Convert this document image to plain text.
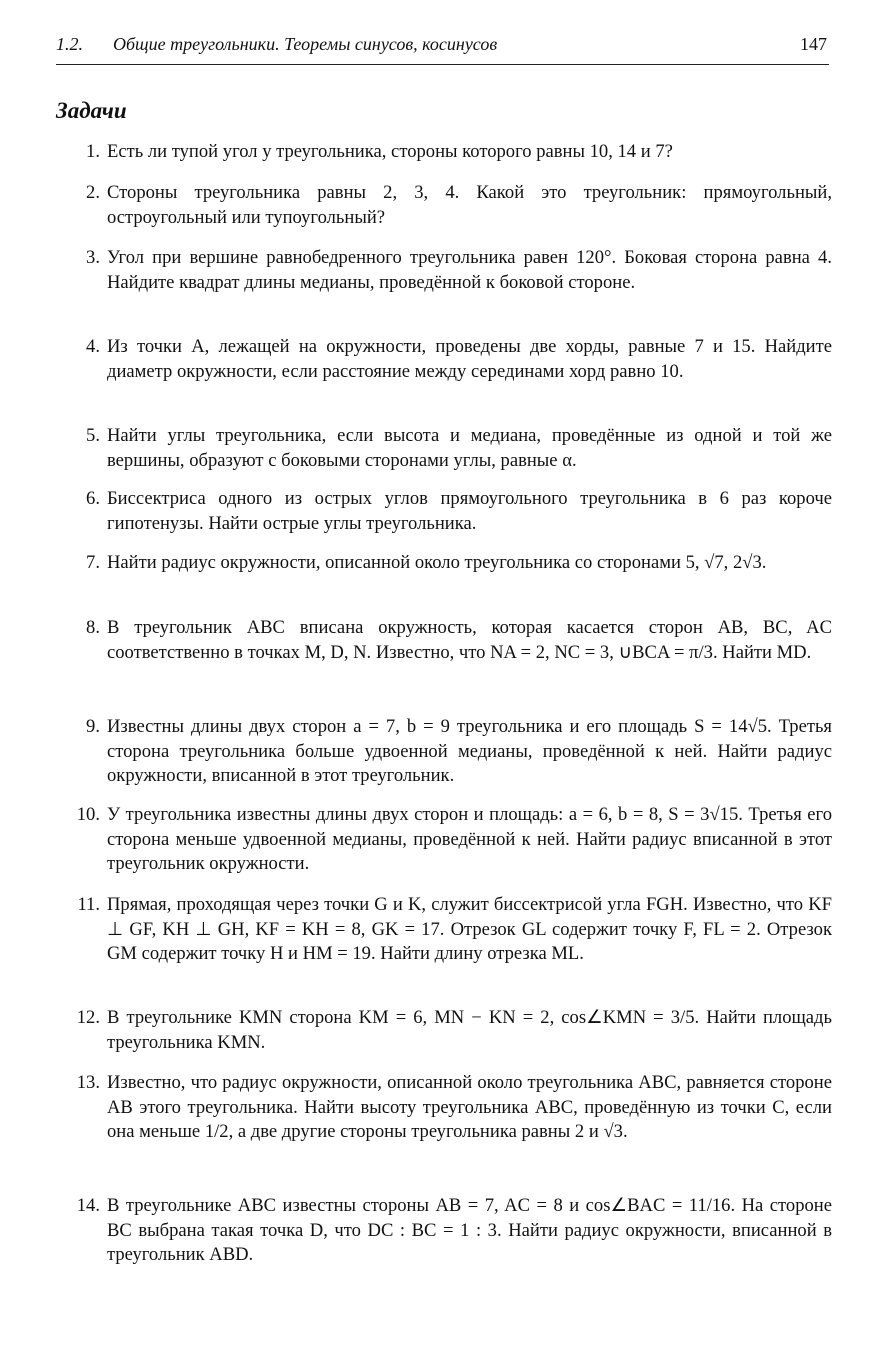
1.2. Общие треугольники. Теоремы синусов, косинусов	147
Задачи
1. Есть ли тупой угол у треугольника, стороны которого равны 10, 14 и 7?
2. Стороны треугольника равны 2, 3, 4. Какой это треугольник: прямоугольный, остроугольный или тупоугольный?
3. Угол при вершине равнобедренного треугольника равен 120°. Боковая сторона равна 4. Найдите квадрат длины медианы, проведённой к боковой стороне.
4. Из точки A, лежащей на окружности, проведены две хорды, равные 7 и 15. Найдите диаметр окружности, если расстояние между серединами хорд равно 10.
5. Найти углы треугольника, если высота и медиана, проведённые из одной и той же вершины, образуют с боковыми сторонами углы, равные α.
6. Биссектриса одного из острых углов прямоугольного треугольника в 6 раз короче гипотенузы. Найти острые углы треугольника.
7. Найти радиус окружности, описанной около треугольника со сторонами 5, √7, 2√3.
8. В треугольник ABC вписана окружность, которая касается сторон AB, BC, AC соответственно в точках M, D, N. Известно, что NA = 2, NC = 3, ∪BCA = π/3. Найти MD.
9. Известны длины двух сторон a = 7, b = 9 треугольника и его площадь S = 14√5. Третья сторона треугольника больше удвоенной медианы, проведённой к ней. Найти радиус окружности, вписанной в этот треугольник.
10. У треугольника известны длины двух сторон и площадь: a = 6, b = 8, S = 3√15. Третья его сторона меньше удвоенной медианы, проведённой к ней. Найти радиус вписанной в этот треугольник окружности.
11. Прямая, проходящая через точки G и K, служит биссектрисой угла FGH. Известно, что KF ⊥ GF, KH ⊥ GH, KF = KH = 8, GK = 17. Отрезок GL содержит точку F, FL = 2. Отрезок GM содержит точку H и HM = 19. Найти длину отрезка ML.
12. В треугольнике KMN сторона KM = 6, MN − KN = 2, cos∠KMN = 3/5. Найти площадь треугольника KMN.
13. Известно, что радиус окружности, описанной около треугольника ABC, равняется стороне AB этого треугольника. Найти высоту треугольника ABC, проведённую из точки C, если она меньше 1/2, а две другие стороны треугольника равны 2 и √3.
14. В треугольнике ABC известны стороны AB = 7, AC = 8 и cos∠BAC = 11/16. На стороне BC выбрана такая точка D, что DC : BC = 1 : 3. Найти радиус окружности, вписанной в треугольник ABD.
